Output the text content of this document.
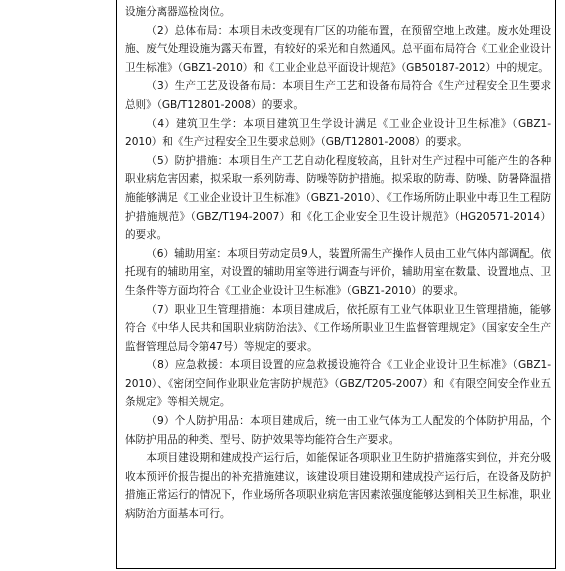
设施分离器巡检岗位。

（2）总体布局：本项目未改变现有厂区的功能布置，在预留空地上改建。废水处理设施、废气处理设施为露天布置，有较好的采光和自然通风。总平面布局符合《工业企业设计卫生标准》（GBZ1-2010）和《工业企业总平面设计规范》（GB50187-2012）中的规定。

（3）生产工艺及设备布局：本项目生产工艺和设备布局符合《生产过程安全卫生要求总则》（GB/T12801-2008）的要求。

（4）建筑卫生学：本项目建筑卫生学设计满足《工业企业设计卫生标准》（GBZ1-2010）和《生产过程安全卫生要求总则》（GB/T12801-2008）的要求。

（5）防护措施：本项目生产工艺自动化程度较高，且针对生产过程中可能产生的各种职业病危害因素，拟采取一系列防毒、防噪等防护措施。拟采取的防毒、防噪、防暑降温措施能够满足《工业企业设计卫生标准》（GBZ1-2010）、《工作场所防止职业中毒卫生工程防护措施规范》（GBZ/T194-2007）和《化工企业安全卫生设计规范》（HG20571-2014）的要求。

（6）辅助用室：本项目劳动定员9人，装置所需生产操作人员由工业气体内部调配。依托现有的辅助用室，对设置的辅助用室等进行调查与评价，辅助用室在数量、设置地点、卫生条件等方面均符合《工业企业设计卫生标准》（GBZ1-2010）的要求。

（7）职业卫生管理措施：本项目建成后，依托原有工业气体职业卫生管理措施，能够符合《中华人民共和国职业病防治法》、《工作场所职业卫生监督管理规定》（国家安全生产监督管理总局令第47号）等规定的要求。

（8）应急救援：本项目设置的应急救援设施符合《工业企业设计卫生标准》（GBZ1-2010）、《密闭空间作业职业危害防护规范》（GBZ/T205-2007）和《有限空间安全作业五条规定》等相关规定。

（9）个人防护用品：本项目建成后，统一由工业气体为工人配发的个体防护用品，个体防护用品的种类、型号、防护效果等均能符合生产要求。

本项目建设期和建成投产运行后，如能保证各项职业卫生防护措施落实到位，并充分吸收本预评价报告提出的补充措施建议，该建设项目建设期和建成投产运行后，在设备及防护措施正常运行的情况下，作业场所各项职业病危害因素浓强度能够达到相关卫生标准，职业病防治方面基本可行。
